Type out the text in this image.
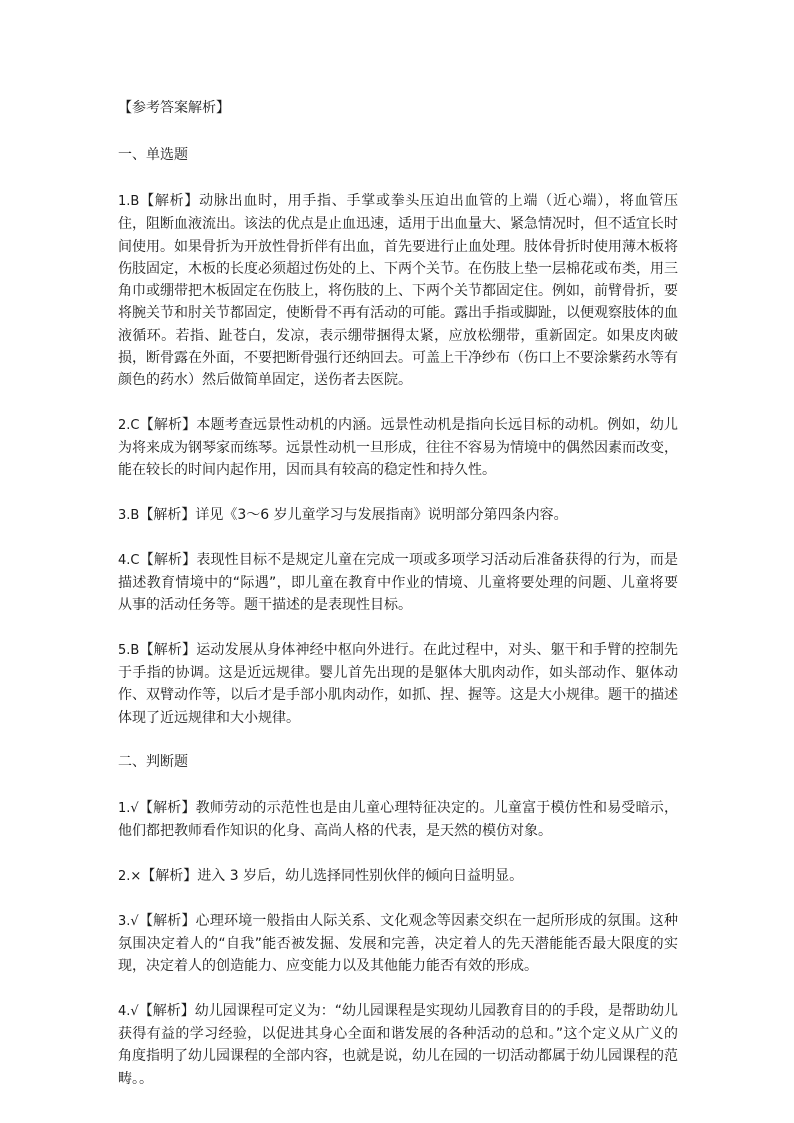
【参考答案解析】

一、单选题

1.B【解析】动脉出血时，用手指、手掌或拳头压迫出血管的上端（近心端），将血管压住，阻断血液流出。该法的优点是止血迅速，适用于出血量大、紧急情况时，但不适宜长时间使用。如果骨折为开放性骨折伴有出血，首先要进行止血处理。肢体骨折时使用薄木板将伤肢固定，木板的长度必须超过伤处的上、下两个关节。在伤肢上垫一层棉花或布类，用三角巾或绷带把木板固定在伤肢上，将伤肢的上、下两个关节都固定住。例如，前臂骨折，要将腕关节和肘关节都固定，使断骨不再有活动的可能。露出手指或脚趾，以便观察肢体的血液循环。若指、趾苍白，发凉，表示绷带捆得太紧，应放松绷带，重新固定。如果皮肉破损，断骨露在外面，不要把断骨强行还纳回去。可盖上干净纱布（伤口上不要涂紫药水等有颜色的药水）然后做简单固定，送伤者去医院。

2.C【解析】本题考查远景性动机的内涵。远景性动机是指向长远目标的动机。例如，幼儿为将来成为钢琴家而练琴。远景性动机一旦形成，往往不容易为情境中的偶然因素而改变，能在较长的时间内起作用，因而具有较高的稳定性和持久性。

3.B【解析】详见《3～6 岁儿童学习与发展指南》说明部分第四条内容。

4.C【解析】表现性目标不是规定儿童在完成一项或多项学习活动后准备获得的行为，而是描述教育情境中的“际遇”，即儿童在教育中作业的情境、儿童将要处理的问题、儿童将要从事的活动任务等。题干描述的是表现性目标。

5.B【解析】运动发展从身体神经中枢向外进行。在此过程中，对头、躯干和手臂的控制先于手指的协调。这是近远规律。婴儿首先出现的是躯体大肌肉动作，如头部动作、躯体动作、双臂动作等，以后才是手部小肌肉动作，如抓、捏、握等。这是大小规律。题干的描述体现了近远规律和大小规律。

二、判断题

1.√【解析】教师劳动的示范性也是由儿童心理特征决定的。儿童富于模仿性和易受暗示，他们都把教师看作知识的化身、高尚人格的代表，是天然的模仿对象。

2.×【解析】进入 3 岁后，幼儿选择同性别伙伴的倾向日益明显。

3.√【解析】心理环境一般指由人际关系、文化观念等因素交织在一起所形成的氛围。这种氛围决定着人的“自我”能否被发掘、发展和完善，决定着人的先天潜能能否最大限度的实现，决定着人的创造能力、应变能力以及其他能力能否有效的形成。

4.√【解析】幼儿园课程可定义为：“幼儿园课程是实现幼儿园教育目的的手段，是帮助幼儿获得有益的学习经验，以促进其身心全面和谐发展的各种活动的总和。”这个定义从广义的角度指明了幼儿园课程的全部内容，也就是说，幼儿在园的一切活动都属于幼儿园课程的范畴。。
